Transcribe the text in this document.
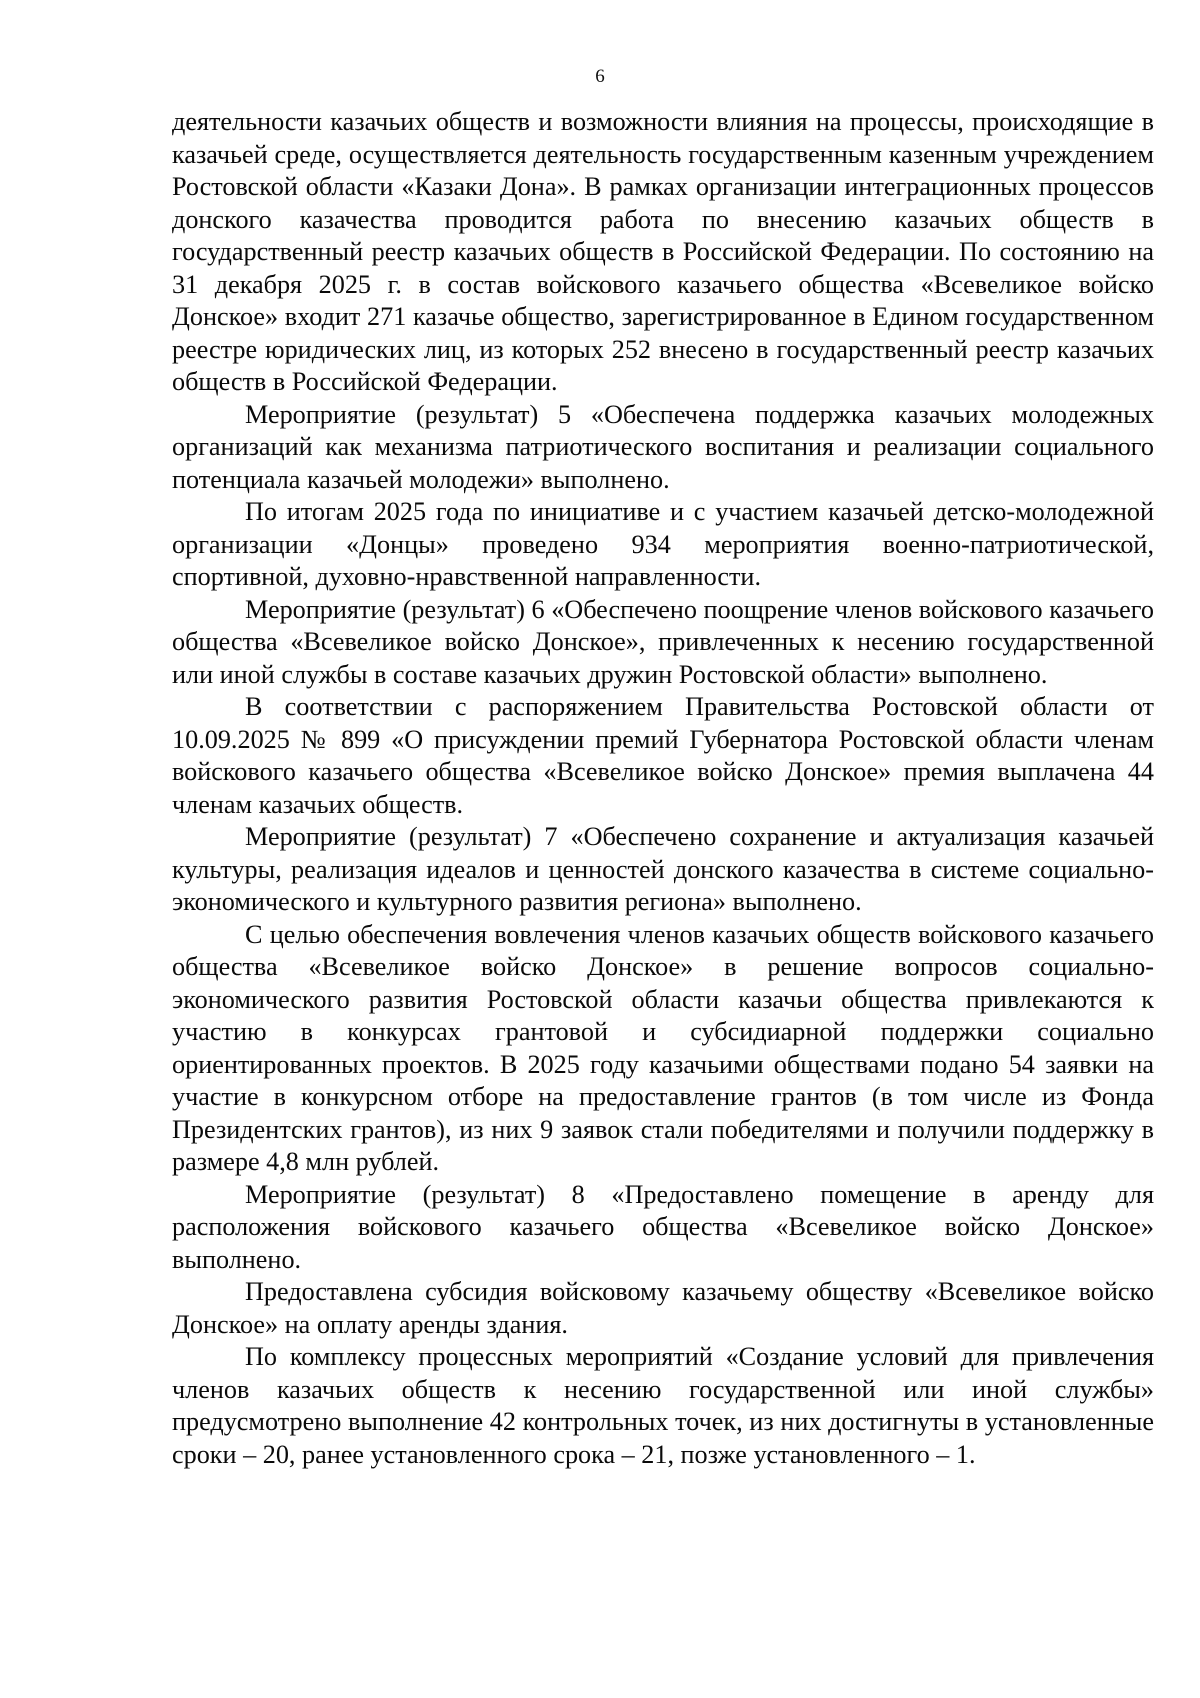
6

деятельности казачьих обществ и возможности влияния на процессы, происходящие в казачьей среде, осуществляется деятельность государственным казенным учреждением Ростовской области «Казаки Дона». В рамках организации интеграционных процессов донского казачества проводится работа по внесению казачьих обществ в государственный реестр казачьих обществ в Российской Федерации. По состоянию на 31 декабря 2025 г. в состав войскового казачьего общества «Всевеликое войско Донское» входит 271 казачье общество, зарегистрированное в Едином государственном реестре юридических лиц, из которых 252 внесено в государственный реестр казачьих обществ в Российской Федерации.

Мероприятие (результат) 5 «Обеспечена поддержка казачьих молодежных организаций как механизма патриотического воспитания и реализации социального потенциала казачьей молодежи» выполнено.

По итогам 2025 года по инициативе и с участием казачьей детско-молодежной организации «Донцы» проведено 934 мероприятия военно-патриотической, спортивной, духовно-нравственной направленности.

Мероприятие (результат) 6 «Обеспечено поощрение членов войскового казачьего общества «Всевеликое войско Донское», привлеченных к несению государственной или иной службы в составе казачьих дружин Ростовской области» выполнено.

В соответствии с распоряжением Правительства Ростовской области от 10.09.2025 № 899 «О присуждении премий Губернатора Ростовской области членам войскового казачьего общества «Всевеликое войско Донское» премия выплачена 44 членам казачьих обществ.

Мероприятие (результат) 7 «Обеспечено сохранение и актуализация казачьей культуры, реализация идеалов и ценностей донского казачества в системе социально-экономического и культурного развития региона» выполнено.

С целью обеспечения вовлечения членов казачьих обществ войскового казачьего общества «Всевеликое войско Донское» в решение вопросов социально-экономического развития Ростовской области казачьи общества привлекаются к участию в конкурсах грантовой и субсидиарной поддержки социально ориентированных проектов. В 2025 году казачьими обществами подано 54 заявки на участие в конкурсном отборе на предоставление грантов (в том числе из Фонда Президентских грантов), из них 9 заявок стали победителями и получили поддержку в размере 4,8 млн рублей.

Мероприятие (результат) 8 «Предоставлено помещение в аренду для расположения войскового казачьего общества «Всевеликое войско Донское» выполнено.

Предоставлена субсидия войсковому казачьему обществу «Всевеликое войско Донское» на оплату аренды здания.

По комплексу процессных мероприятий «Создание условий для привлечения членов казачьих обществ к несению государственной или иной службы» предусмотрено выполнение 42 контрольных точек, из них достигнуты в установленные сроки – 20, ранее установленного срока – 21, позже установленного – 1.
